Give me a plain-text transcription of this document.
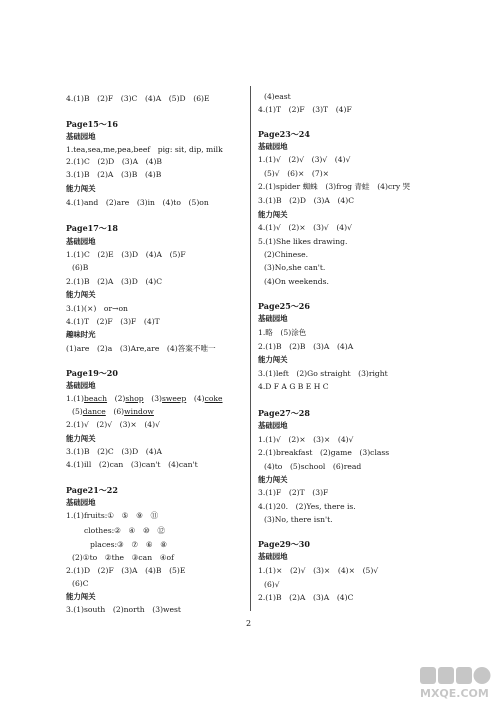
4.(1)B　(2)F　(3)C　(4)A　(5)D　(6)E
Page15～16
基础园地
1.tea,sea,me,pea,beef　pig: sit, dip, milk
2.(1)C　(2)D　(3)A　(4)B
3.(1)B　(2)A　(3)B　(4)B
能力闯关
4.(1)and　(2)are　(3)in　(4)to　(5)on
Page17～18
基础园地
1.(1)C　(2)E　(3)D　(4)A　(5)F
(6)B
2.(1)B　(2)A　(3)D　(4)C
能力闯关
3.(1)(×)　or→on
4.(1)T　(2)F　(3)F　(4)T
趣味时光
(1)are　(2)a　(3)Are,are　(4)答案不唯一
Page19～20
基础园地
1.(1)beach　(2)shop　(3)sweep　(4)coke
(5)dance　(6)window
2.(1)√　(2)√　(3)×　(4)√
能力闯关
3.(1)B　(2)C　(3)D　(4)A
4.(1)ill　(2)can　(3)can't　(4)can't
Page21～22
基础园地
1.(1)fruits:①　⑤　⑨　⑪
clothes:②　④　⑩　⑫
places:③　⑦　⑥　⑧
(2)①to　②the　③can　④of
2.(1)D　(2)F　(3)A　(4)B　(5)E
(6)C
能力闯关
3.(1)south　(2)north　(3)west
(4)east
4.(1)T　(2)F　(3)T　(4)F
Page23～24
基础园地
1.(1)√　(2)√　(3)√　(4)√
(5)√　(6)×　(7)×
2.(1)spider 蜘蛛　(3)frog 青蛙　(4)cry 哭
3.(1)B　(2)D　(3)A　(4)C
能力闯关
4.(1)√　(2)×　(3)√　(4)√
5.(1)She likes drawing.
(2)Chinese.
(3)No,she can't.
(4)On weekends.
Page25～26
基础园地
1.略　(5)涂色
2.(1)B　(2)B　(3)A　(4)A
能力闯关
3.(1)left　(2)Go straight　(3)right
4.D F A G B E H C
Page27～28
基础园地
1.(1)√　(2)×　(3)×　(4)√
2.(1)breakfast　(2)game　(3)class
(4)to　(5)school　(6)read
能力闯关
3.(1)F　(2)T　(3)F
4.(1)20.　(2)Yes, there is.
(3)No, there isn't.
Page29～30
基础园地
1.(1)×　(2)√　(3)×　(4)×　(5)√
(6)√
2.(1)B　(2)A　(3)A　(4)C
2
MXQE.COM
